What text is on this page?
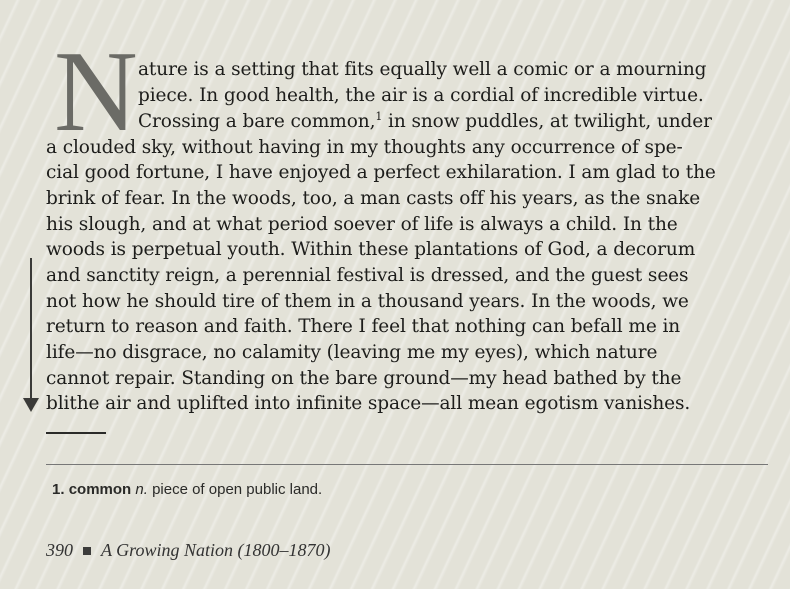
N ature is a setting that fits equally well a comic or a mourning
piece. In good health, the air is a cordial of incredible virtue.
Crossing a bare common,$^1$ in snow puddles, at twilight, under
a clouded sky, without having in my thoughts any occurrence of spe-
cial good fortune, I have enjoyed a perfect exhilaration. I am glad to the
brink of fear. In the woods, too, a man casts off his years, as the snake
his slough, and at what period soever of life is always a child. In the
woods is perpetual youth. Within these plantations of God, a decorum
and sanctity reign, a perennial festival is dressed, and the guest sees
not how he should tire of them in a thousand years. In the woods, we
return to reason and faith. There I feel that nothing can befall me in
life—no disgrace, no calamity (leaving me my eyes), which nature
cannot repair. Standing on the bare ground—my head bathed by the
blithe air and uplifted into infinite space—all mean egotism vanishes.
1. common n. piece of open public land.
390 A Growing Nation (1800–1870)
